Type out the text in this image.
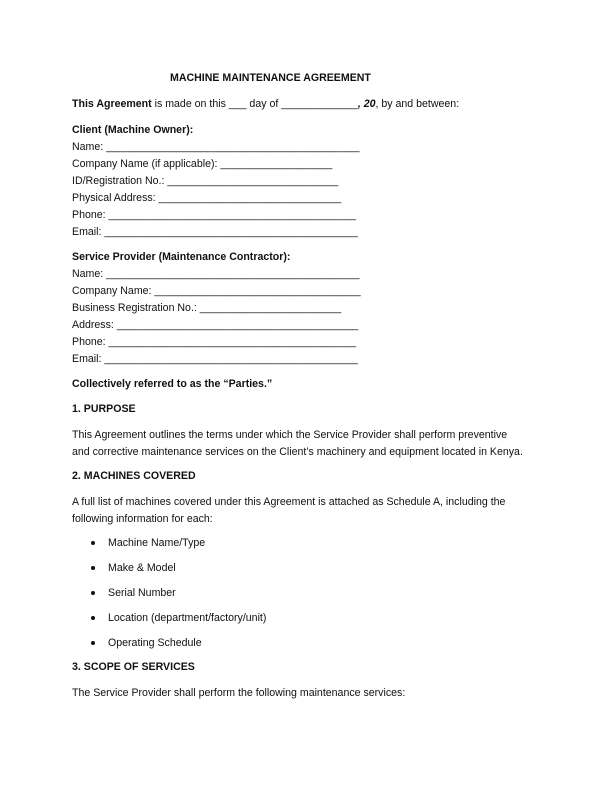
MACHINE MAINTENANCE AGREEMENT
This Agreement is made on this ___ day of _____________, 20, by and between:
Client (Machine Owner):
Name: ___________________________________________
Company Name (if applicable): ___________________
ID/Registration No.: _____________________________
Physical Address: _______________________________
Phone: __________________________________________
Email: ___________________________________________
Service Provider (Maintenance Contractor):
Name: ___________________________________________
Company Name: ___________________________________
Business Registration No.: ________________________
Address: _________________________________________
Phone: __________________________________________
Email: ___________________________________________
Collectively referred to as the “Parties.”
1. PURPOSE
This Agreement outlines the terms under which the Service Provider shall perform preventive
and corrective maintenance services on the Client’s machinery and equipment located in Kenya.
2. MACHINES COVERED
A full list of machines covered under this Agreement is attached as Schedule A, including the
following information for each:
Machine Name/Type
Make & Model
Serial Number
Location (department/factory/unit)
Operating Schedule
3. SCOPE OF SERVICES
The Service Provider shall perform the following maintenance services:
